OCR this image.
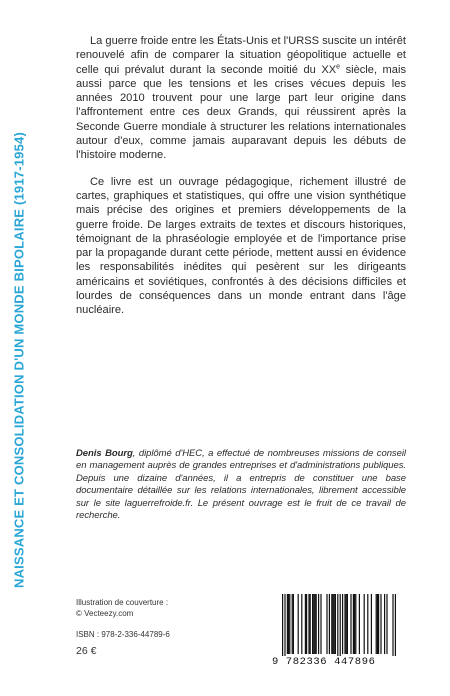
NAISSANCE ET CONSOLIDATION D'UN MONDE BIPOLAIRE (1917-1954)

La guerre froide entre les États-Unis et l'URSS suscite un intérêt renouvelé afin de comparer la situation géopolitique actuelle et celle qui prévalut durant la seconde moitié du XXe siècle, mais aussi parce que les tensions et les crises vécues depuis les années 2010 trouvent pour une large part leur origine dans l'affrontement entre ces deux Grands, qui réussirent après la Seconde Guerre mondiale à structurer les relations internationales autour d'eux, comme jamais auparavant depuis les débuts de l'histoire moderne.

Ce livre est un ouvrage pédagogique, richement illustré de cartes, graphiques et statistiques, qui offre une vision synthétique mais précise des origines et premiers développements de la guerre froide. De larges extraits de textes et discours historiques, témoignant de la phraséologie employée et de l'importance prise par la propagande durant cette période, mettent aussi en évidence les responsabilités inédites qui pesèrent sur les dirigeants américains et soviétiques, confrontés à des décisions difficiles et lourdes de conséquences dans un monde entrant dans l'âge nucléaire.

Denis Bourg, diplômé d'HEC, a effectué de nombreuses missions de conseil en management auprès de grandes entreprises et d'administrations publiques. Depuis une dizaine d'années, il a entrepris de constituer une base documentaire détaillée sur les relations internationales, librement accessible sur le site laguerrefroide.fr. Le présent ouvrage est le fruit de ce travail de recherche.
Illustration de couverture :
© Vecteezy.com
ISBN : 978-2-336-44789-6
26 €
9 782336 447896
